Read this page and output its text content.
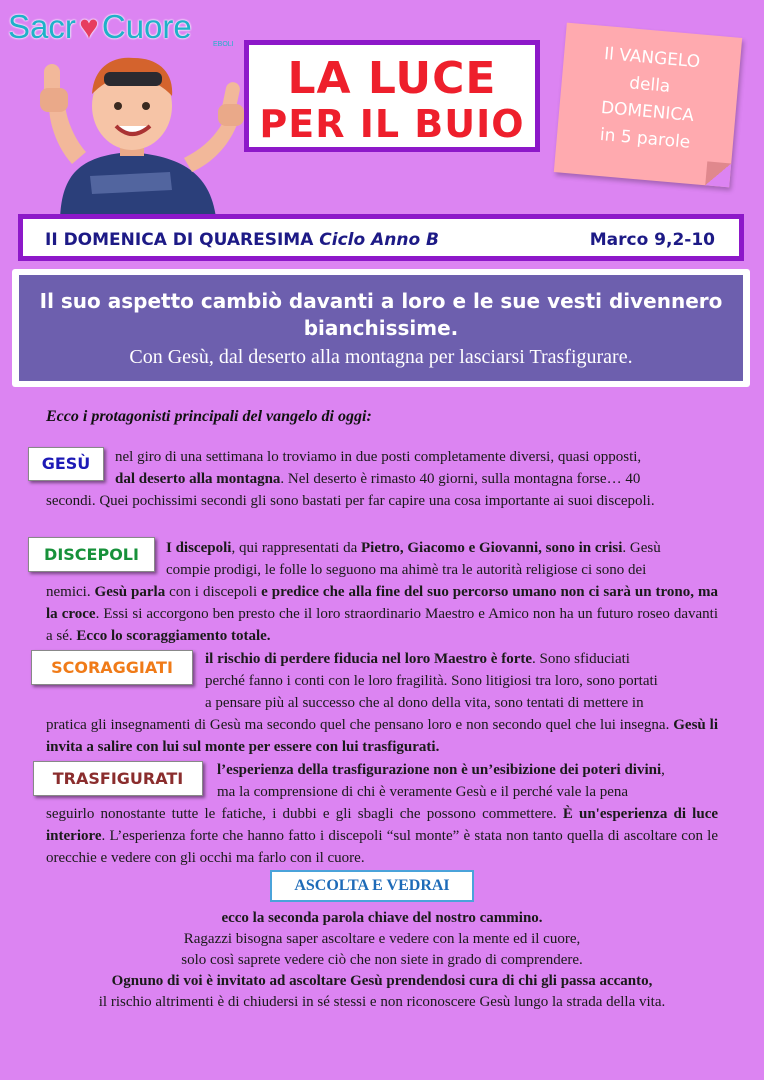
Sacr♥Cuore	EBOLI
LA LUCE
PER IL BUIO
Il VANGELO
della
DOMENICA
in 5 parole
II DOMENICA DI QUARESIMA Ciclo Anno B	Marco 9,2-10
Il suo aspetto cambiò davanti a loro e le sue vesti divennero bianchissime.
Con Gesù, dal deserto alla montagna per lasciarsi Trasfigurare.
Ecco i protagonisti principali del vangelo di oggi:
GESÙ	nel giro di una settimana lo troviamo in due posti completamente diversi, quasi opposti,

dal deserto alla montagna. Nel deserto è rimasto 40 giorni, sulla montagna forse… 40

secondi. Quei pochissimi secondi gli sono bastati per far capire una cosa importante ai suoi discepoli.

DISCEPOLI	I discepoli, qui rappresentati da Pietro, Giacomo e Giovanni, sono in crisi. Gesù

compie prodigi, le folle lo seguono ma ahimè tra le autorità religiose ci sono dei

nemici. Gesù parla con i discepoli e predice che alla fine del suo percorso umano non ci sarà un trono, ma la croce. Essi si accorgono ben presto che il loro straordinario Maestro e Amico non ha un futuro roseo davanti a sé. Ecco lo scoraggiamento totale.

SCORAGGIATI	il rischio di perdere fiducia nel loro Maestro è forte. Sono sfiduciati

perché fanno i conti con le loro fragilità. Sono litigiosi tra loro, sono portati

a pensare più al successo che al dono della vita, sono tentati di mettere in

pratica gli insegnamenti di Gesù ma secondo quel che pensano loro e non secondo quel che lui insegna. Gesù li invita a salire con lui sul monte per essere con lui trasfigurati.

TRASFIGURATI	l’esperienza della trasfigurazione non è un’esibizione dei poteri divini,

ma la comprensione di chi è veramente Gesù e il perché vale la pena

seguirlo nonostante tutte le fatiche, i dubbi e gli sbagli che possono commettere. È un'esperienza di luce interiore. L’esperienza forte che hanno fatto i discepoli “sul monte” è stata non tanto quella di ascoltare con le orecchie e vedere con gli occhi ma farlo con il cuore.

ASCOLTA E VEDRAI
ecco la seconda parola chiave del nostro cammino.
Ragazzi bisogna saper ascoltare e vedere con la mente ed il cuore,
solo così saprete vedere ciò che non siete in grado di comprendere.
Ognuno di voi è invitato ad ascoltare Gesù prendendosi cura di chi gli passa accanto,
il rischio altrimenti è di chiudersi in sé stessi e non riconoscere Gesù lungo la strada della vita.
